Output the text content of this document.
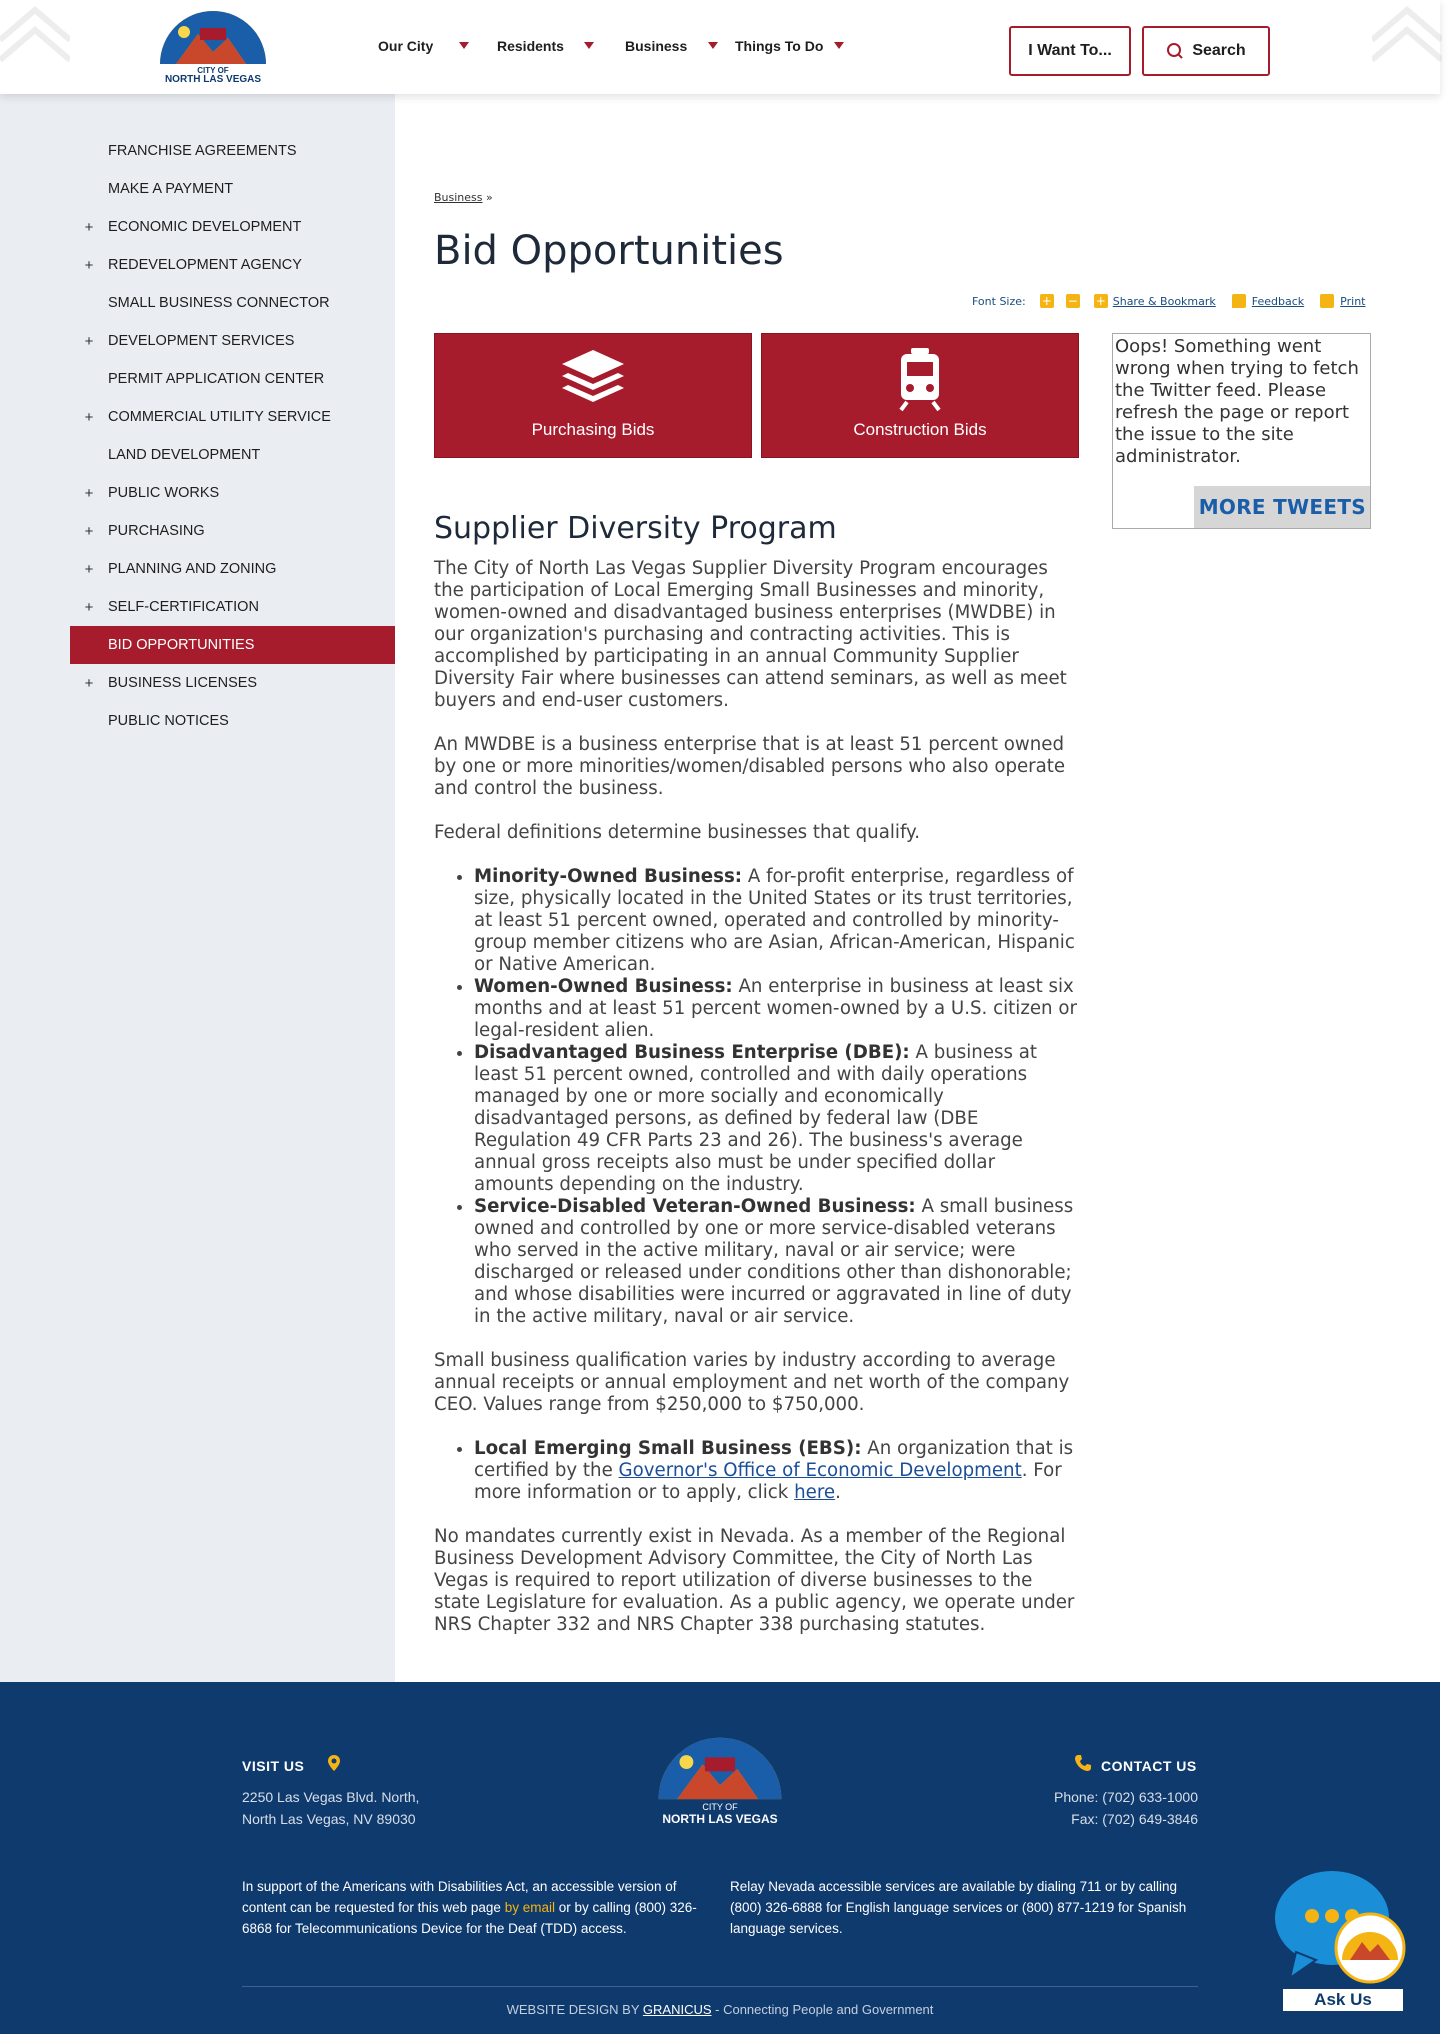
CITY OF
NORTH LAS VEGAS
Our City	Residents	Business	Things To Do	I Want To...	Search
FRANCHISE AGREEMENTS
MAKE A PAYMENT
+	ECONOMIC DEVELOPMENT
+	REDEVELOPMENT AGENCY
SMALL BUSINESS CONNECTOR
+	DEVELOPMENT SERVICES
PERMIT APPLICATION CENTER
+	COMMERCIAL UTILITY SERVICE
LAND DEVELOPMENT
+	PUBLIC WORKS
+	PURCHASING
+	PLANNING AND ZONING
+	SELF-CERTIFICATION
BID OPPORTUNITIES
+	BUSINESS LICENSES
PUBLIC NOTICES
Business »
Bid Opportunities
Font Size: + − + Share & Bookmark	Feedback	Print
Purchasing Bids	Construction Bids
Oops! Something went wrong when trying to fetch the Twitter feed. Please refresh the page or report the issue to the site administrator.
MORE TWEETS
Supplier Diversity Program

The City of North Las Vegas Supplier Diversity Program encourages the participation of Local Emerging Small Businesses and minority, women-owned and disadvantaged business enterprises (MWDBE) in our organization's purchasing and contracting activities. This is accomplished by participating in an annual Community Supplier Diversity Fair where businesses can attend seminars, as well as meet buyers and end-user customers.

An MWDBE is a business enterprise that is at least 51 percent owned by one or more minorities/women/disabled persons who also operate and control the business.

Federal definitions determine businesses that qualify.

• Minority-Owned Business: A for-profit enterprise, regardless of size, physically located in the United States or its trust territories, at least 51 percent owned, operated and controlled by minority-group member citizens who are Asian, African-American, Hispanic or Native American.
• Women-Owned Business: An enterprise in business at least six months and at least 51 percent women-owned by a U.S. citizen or legal-resident alien.
• Disadvantaged Business Enterprise (DBE): A business at least 51 percent owned, controlled and with daily operations managed by one or more socially and economically disadvantaged persons, as defined by federal law (DBE Regulation 49 CFR Parts 23 and 26). The business's average annual gross receipts also must be under specified dollar amounts depending on the industry.
• Service-Disabled Veteran-Owned Business: A small business owned and controlled by one or more service-disabled veterans who served in the active military, naval or air service; were discharged or released under conditions other than dishonorable; and whose disabilities were incurred or aggravated in line of duty in the active military, naval or air service.

Small business qualification varies by industry according to average annual receipts or annual employment and net worth of the company CEO. Values range from $250,000 to $750,000.

• Local Emerging Small Business (EBS): An organization that is certified by the Governor's Office of Economic Development. For more information or to apply, click here.

No mandates currently exist in Nevada. As a member of the Regional Business Development Advisory Committee, the City of North Las Vegas is required to report utilization of diverse businesses to the state Legislature for evaluation. As a public agency, we operate under NRS Chapter 332 and NRS Chapter 338 purchasing statutes.

VISIT US
2250 Las Vegas Blvd. North,
North Las Vegas, NV 89030
CITY OF
NORTH LAS VEGAS
CONTACT US
Phone: (702) 633-1000
Fax: (702) 649-3846
In support of the Americans with Disabilities Act, an accessible version of content can be requested for this web page by email or by calling (800) 326-6868 for Telecommunications Device for the Deaf (TDD) access.
Relay Nevada accessible services are available by dialing 711 or by calling (800) 326-6888 for English language services or (800) 877-1219 for Spanish language services.
WEBSITE DESIGN BY GRANICUS - Connecting People and Government
Ask Us
